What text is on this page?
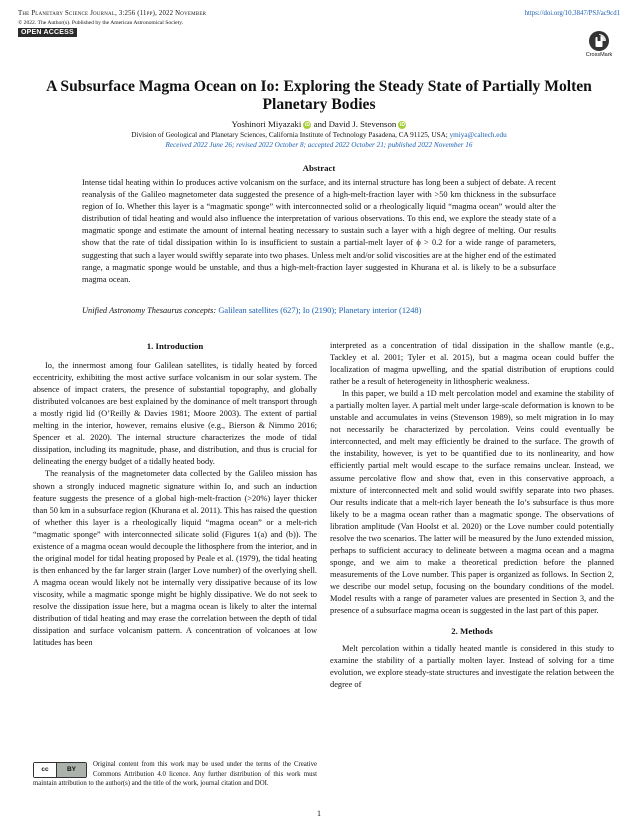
The Planetary Science Journal, 3:256 (11pp), 2022 November
© 2022. The Author(s). Published by the American Astronomical Society.
OPEN ACCESS
https://doi.org/10.3847/PSJ/ac9cd1
CrossMark
A Subsurface Magma Ocean on Io: Exploring the Steady State of Partially Molten Planetary Bodies
Yoshinori Miyazaki iD and David J. Stevenson iD
Division of Geological and Planetary Sciences, California Institute of Technology Pasadena, CA 91125, USA; ymiya@caltech.edu
Received 2022 June 26; revised 2022 October 8; accepted 2022 October 21; published 2022 November 16
Abstract

Intense tidal heating within Io produces active volcanism on the surface, and its internal structure has long been a subject of debate. A recent reanalysis of the Galileo magnetometer data suggested the presence of a high-melt-fraction layer with >50 km thickness in the subsurface region of Io. Whether this layer is a “magmatic sponge” with interconnected solid or a rheologically liquid “magma ocean” would alter the distribution of tidal heating and would also influence the interpretation of various observations. To this end, we explore the steady state of a magmatic sponge and estimate the amount of internal heating necessary to sustain such a layer with a high degree of melting. Our results show that the rate of tidal dissipation within Io is insufficient to sustain a partial-melt layer of ϕ > 0.2 for a wide range of parameters, suggesting that such a layer would swiftly separate into two phases. Unless melt and/or solid viscosities are at the higher end of the estimated range, a magmatic sponge would be unstable, and thus a high-melt-fraction layer suggested in Khurana et al. is likely to be a subsurface magma ocean.

Unified Astronomy Thesaurus concepts: Galilean satellites (627); Io (2190); Planetary interior (1248)

1. Introduction

Io, the innermost among four Galilean satellites, is tidally heated by forced eccentricity, exhibiting the most active surface volcanism in our solar system. The absence of impact craters, the presence of substantial topography, and globally distributed volcanoes are best explained by the dominance of melt transport through a mostly rigid lid (O’Reilly & Davies 1981; Moore 2003). The extent of partial melting in the interior, however, remains elusive (e.g., Bierson & Nimmo 2016; Spencer et al. 2020). The internal structure characterizes the mode of tidal dissipation, including its magnitude, phase, and distribution, and thus is crucial for delineating the energy budget of a tidally heated body.

The reanalysis of the magnetometer data collected by the Galileo mission has shown a strongly induced magnetic signature within Io, and such an induction feature suggests the presence of a global high-melt-fraction (>20%) layer thicker than 50 km in a subsurface region (Khurana et al. 2011). This has raised the question of whether this layer is a rheologically liquid “magma ocean” or a melt-rich “magmatic sponge” with interconnected silicate solid (Figures 1(a) and (b)). The existence of a magma ocean would decouple the lithosphere from the interior, and in the original model for tidal heating proposed by Peale et al. (1979), the tidal heating is then enhanced by the far larger strain (larger Love number) of the overlying shell. A magma ocean would likely not be internally very dissipative because of its low viscosity, while a magmatic sponge might be highly dissipative. We do not seek to resolve the dissipation issue here, but a magma ocean is likely to alter the internal distribution of tidal heating and may erase the correlation between the depth of tidal dissipation and surface volcanism pattern. A concentration of volcanoes at low latitudes has been

interpreted as a concentration of tidal dissipation in the shallow mantle (e.g., Tackley et al. 2001; Tyler et al. 2015), but a magma ocean could buffer the localization of magma upwelling, and the spatial distribution of eruptions could rather be a result of heterogeneity in lithospheric weakness.

In this paper, we build a 1D melt percolation model and examine the stability of a partially molten layer. A partial melt under large-scale deformation is known to be unstable and accumulates in veins (Stevenson 1989), so melt migration in Io may not necessarily be characterized by percolation. Veins could eventually be interconnected, and melt may efficiently be drained to the surface. The growth of the instability, however, is yet to be quantified due to its nonlinearity, and how efficiently partial melt would escape to the surface remains unclear. Instead, we assume percolative flow and show that, even in this conservative approach, a mixture of interconnected melt and solid would swiftly separate into two phases. Our results indicate that a melt-rich layer beneath the Io’s subsurface is thus more likely to be a magma ocean rather than a magmatic sponge. The observations of libration amplitude (Van Hoolst et al. 2020) or the Love number could potentially resolve the two scenarios. The latter will be measured by the Juno extended mission, perhaps to sufficient accuracy to delineate between a magma ocean and a magma sponge, and we aim to make a theoretical prediction before the planned measurements of the Love number. This paper is organized as follows. In Section 2, we describe our model setup, focusing on the boundary conditions of the model. Model results with a range of parameter values are presented in Section 3, and the presence of a subsurface magma ocean is suggested in the last part of this paper.

2. Methods

Melt percolation within a tidally heated mantle is considered in this study to examine the stability of a partially molten layer. Instead of solving for a time evolution, we explore steady-state structures and investigate the relation between the degree of

cc	BY
Original content from this work may be used under the terms of the Creative Commons Attribution 4.0 licence. Any further distribution of this work must maintain attribution to the author(s) and the title of the work, journal citation and DOI.
1
